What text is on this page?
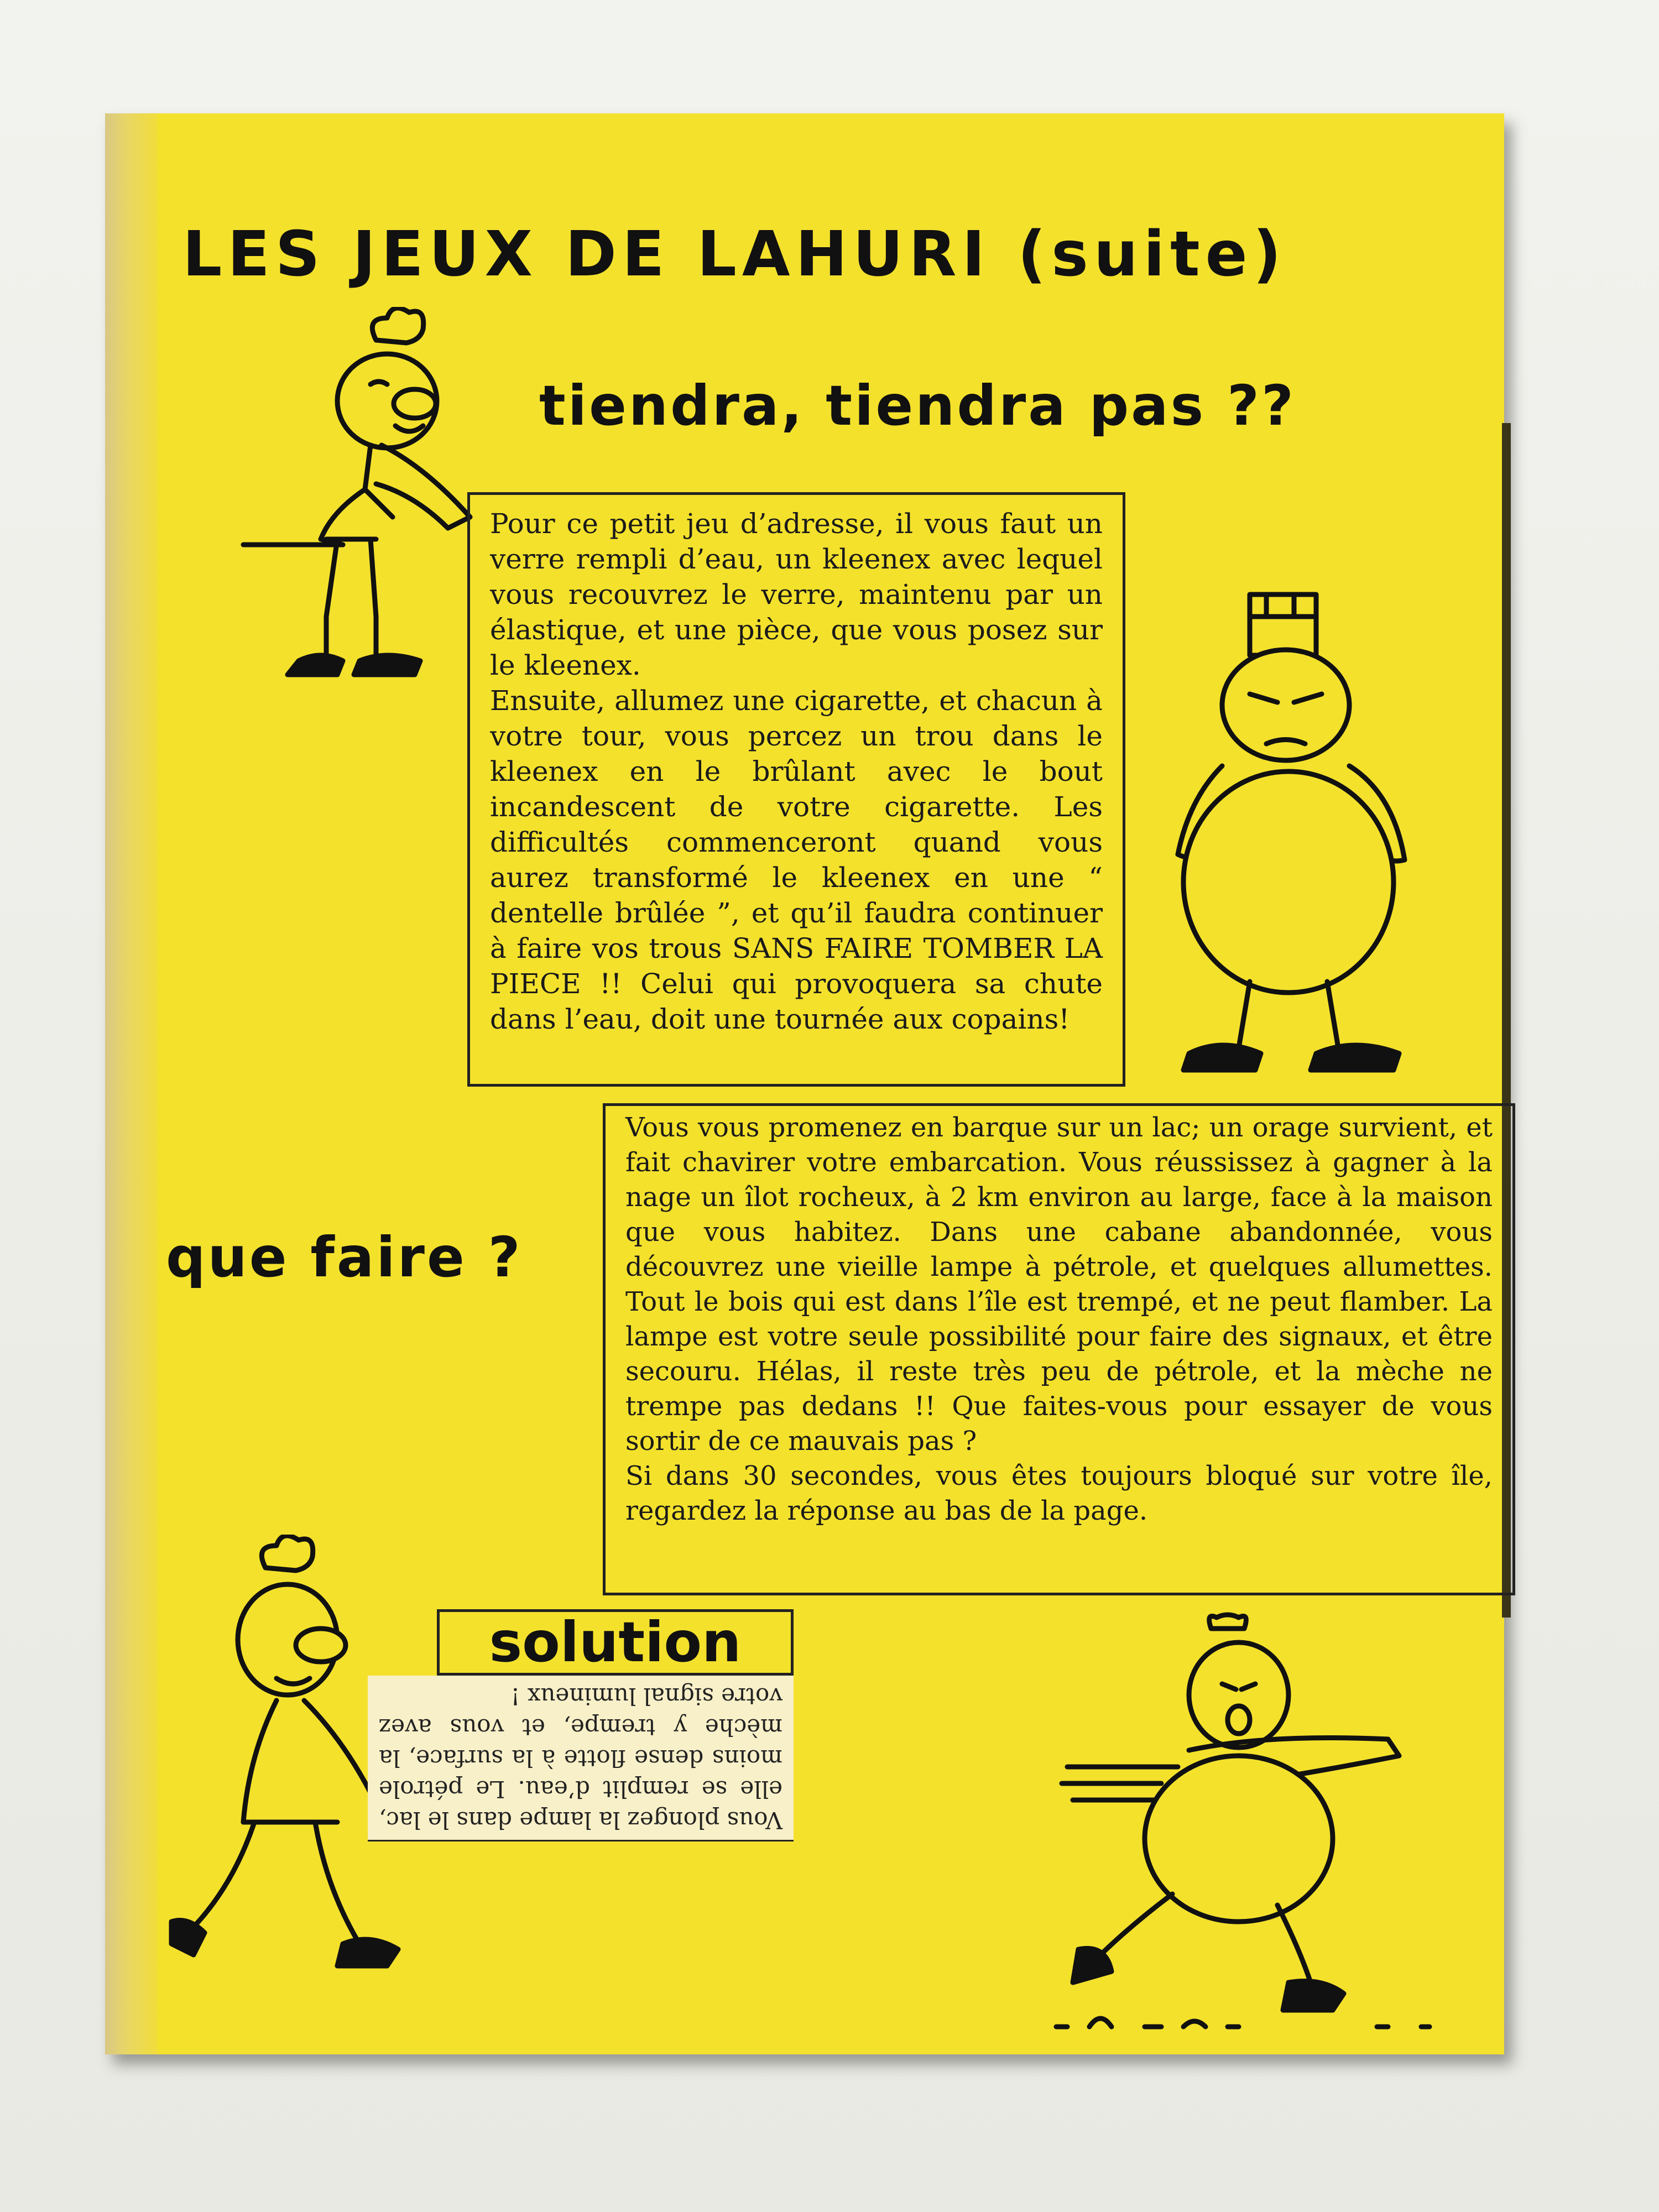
LES JEUX DE LAHURI (suite)
tiendra, tiendra pas ??

Pour ce petit jeu d’adresse, il vous faut un verre rempli d’eau, un kleenex avec lequel vous recouvrez le verre, maintenu par un élastique, et une pièce, que vous posez sur le kleenex.

Ensuite, allumez une cigarette, et chacun à votre tour, vous percez un trou dans le kleenex en le brûlant avec le bout incandescent de votre cigarette. Les difficultés commenceront quand vous aurez transformé le kleenex en une “ dentelle brûlée ”, et qu’il faudra continuer à faire vos trous SANS FAIRE TOMBER LA PIECE !! Celui qui provoquera sa chute dans l’eau, doit une tournée aux copains!

que faire ?

Vous vous promenez en barque sur un lac; un orage survient, et fait chavirer votre embarcation. Vous réussissez à gagner à la nage un îlot rocheux, à 2 km environ au large, face à la maison que vous habitez. Dans une cabane abandonnée, vous découvrez une vieille lampe à pétrole, et quelques allumettes. Tout le bois qui est dans l’île est trempé, et ne peut flamber. La lampe est votre seule possibilité pour faire des signaux, et être secouru. Hélas, il reste très peu de pétrole, et la mèche ne trempe pas dedans !! Que faites-vous pour essayer de vous sortir de ce mauvais pas ?

Si dans 30 secondes, vous êtes toujours bloqué sur votre île, regardez la réponse au bas de la page.

solution

Vous plongez la lampe dans le lac, elle se remplit d’eau. Le pétrole moins dense flotte à la surface, la mèche y trempe, et vous avez votre signal lumineux !
